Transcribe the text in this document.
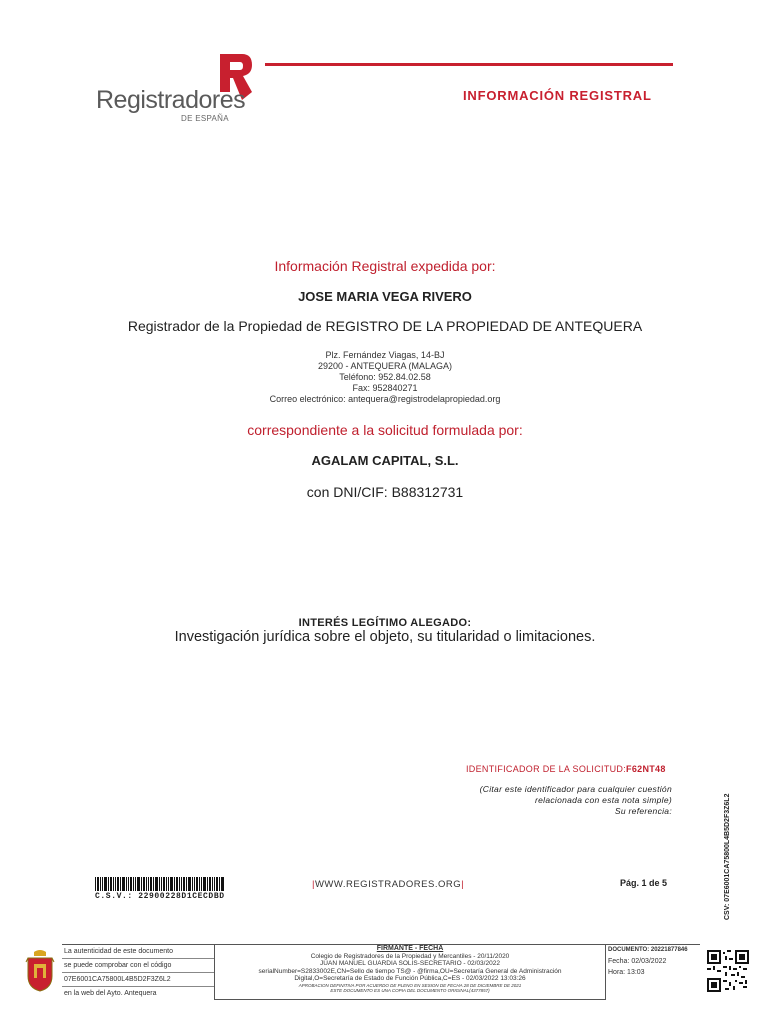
Registradores
DE ESPAÑA
INFORMACIÓN REGISTRAL
Información Registral expedida por:
JOSE MARIA VEGA RIVERO
Registrador de la Propiedad de REGISTRO DE LA PROPIEDAD DE ANTEQUERA
Plz. Fernández Viagas, 14-BJ
29200 - ANTEQUERA (MALAGA)
Teléfono: 952.84.02.58
Fax: 952840271
Correo electrónico: antequera@registrodelapropiedad.org
correspondiente a la solicitud formulada por:
AGALAM CAPITAL, S.L.
con DNI/CIF: B88312731
INTERÉS LEGÍTIMO ALEGADO:
Investigación jurídica sobre el objeto, su titularidad o limitaciones.
IDENTIFICADOR DE LA SOLICITUD:F62NT48
(Citar este identificador para cualquier cuestión
relacionada con esta nota simple)
Su referencia:
C.S.V.: 22900228D1CECDBD
|WWW.REGISTRADORES.ORG|	Pág. 1 de 5	CSV: 07E6001CA75800L4B5D2F3Z6L2
La autenticidad de este documento
se puede comprobar con el código
07E6001CA75800L4B5D2F3Z6L2
en la web del Ayto. Antequera
FIRMANTE - FECHA
Colegio de Registradores de la Propiedad y Mercantiles - 20/11/2020
JUAN MANUEL GUARDIA SOLIS-SECRETARIO - 02/03/2022
serialNumber=S2833002E,CN=Sello de tiempo TS@ - @firma,OU=Secretaría General de Administración
Digital,O=Secretaría de Estado de Función Pública,C=ES - 02/03/2022 13:03:26
APROBACION DEFINITIVA POR ACUERDO DE PLENO EN SESION DE FECHA 28 DE DICIEMBRE DE 2021
ESTE DOCUMENTO ES UNA COPIA DEL DOCUMENTO ORIGINAL(4377857)
DOCUMENTO: 20221877846
Fecha: 02/03/2022
Hora: 13:03
